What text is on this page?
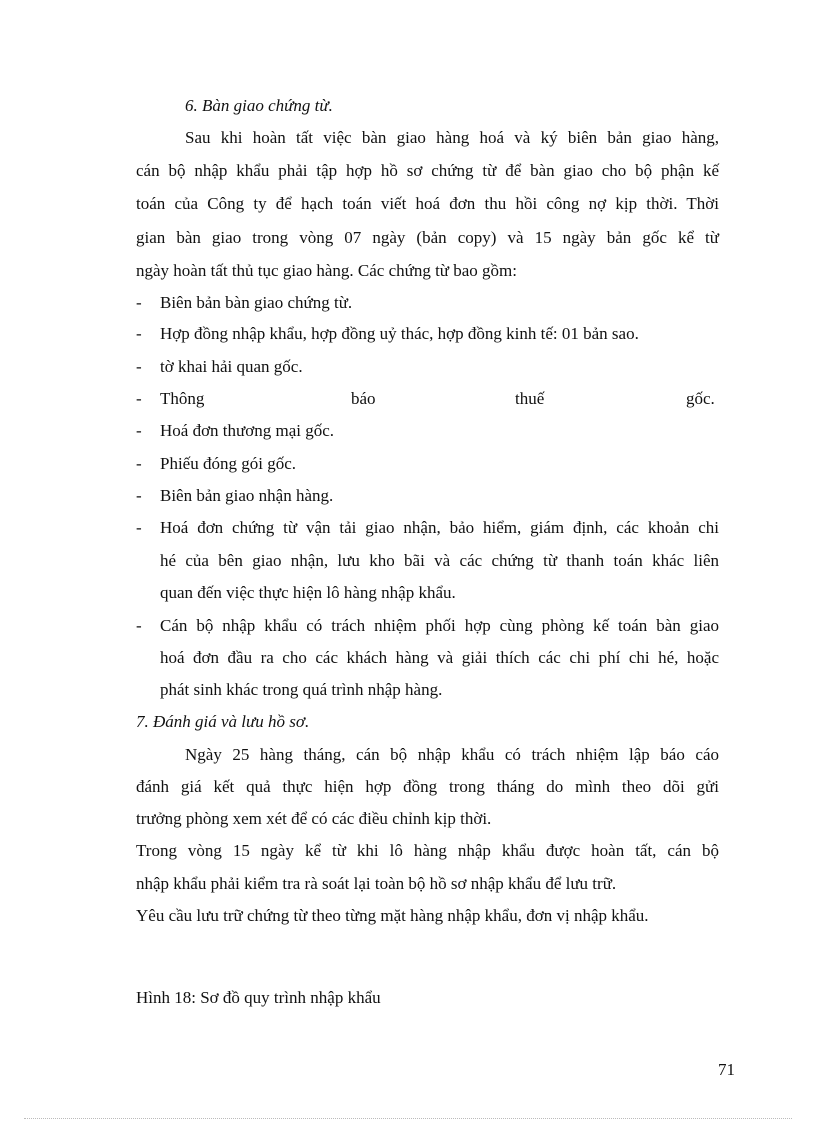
6. Bàn giao chứng từ.
Sau khi hoàn tất việc bàn giao hàng hoá và ký biên bản giao hàng,
cán bộ nhập khẩu phải tập hợp hồ sơ chứng từ để bàn giao cho bộ phận kế
toán của Công ty để hạch toán viết hoá đơn thu hồi công nợ kịp thời. Thời
gian bàn giao trong vòng 07 ngày (bản copy) và 15 ngày bản gốc kể từ
ngày hoàn tất thủ tục giao hàng. Các chứng từ bao gồm:
- Biên bản bàn giao chứng từ.
- Hợp đồng nhập khẩu, hợp đồng uỷ thác, hợp đồng kinh tế: 01 bản sao.
- tờ khai hải quan gốc.
- Thông	báo	thuế	gốc.
- Hoá đơn thương mại gốc.
- Phiếu đóng gói gốc.
- Biên bản giao nhận hàng.
- Hoá đơn chứng từ vận tải giao nhận, bảo hiểm, giám định, các khoản chi
hé của bên giao nhận, lưu kho bãi và các chứng từ thanh toán khác liên
quan đến việc thực hiện lô hàng nhập khẩu.
- Cán bộ nhập khẩu có trách nhiệm phối hợp cùng phòng kế toán bàn giao
hoá đơn đầu ra cho các khách hàng và giải thích các chi phí chi hé, hoặc
phát sinh khác trong quá trình nhập hàng.
7. Đánh giá và lưu hồ sơ.
Ngày 25 hàng tháng, cán bộ nhập khẩu có trách nhiệm lập báo cáo
đánh giá kết quả thực hiện hợp đồng trong tháng do mình theo dõi gửi
trưởng phòng xem xét để có các điều chỉnh kịp thời.
Trong vòng 15 ngày kể từ khi lô hàng nhập khẩu được hoàn tất, cán bộ
nhập khẩu phải kiểm tra rà soát lại toàn bộ hồ sơ nhập khẩu để lưu trữ.
Yêu cầu lưu trữ chứng từ theo từng mặt hàng nhập khẩu, đơn vị nhập khẩu.
Hình 18: Sơ đồ quy trình nhập khẩu
71
